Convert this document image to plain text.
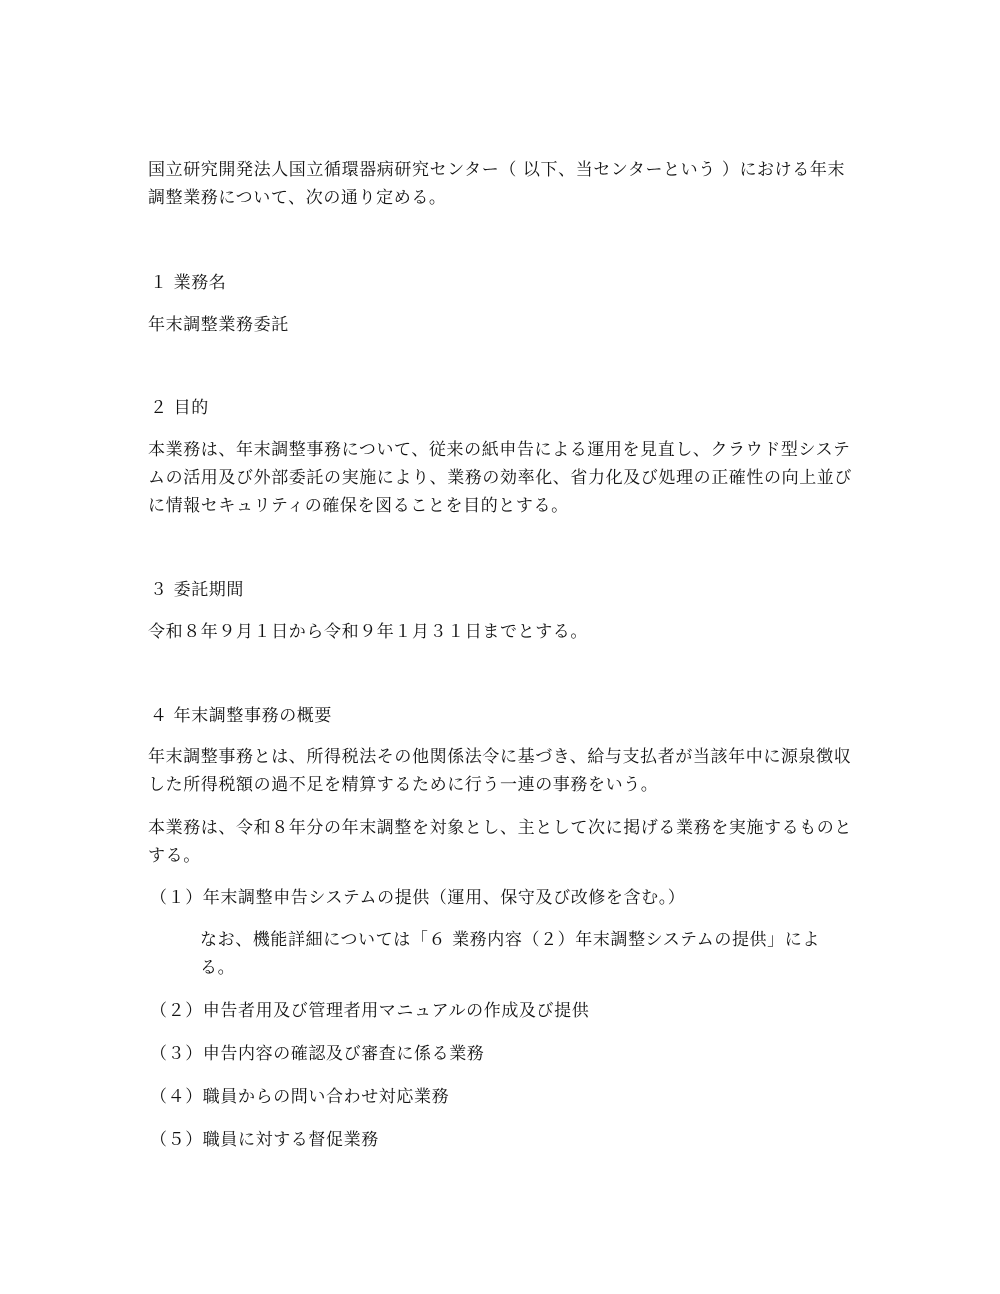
国立研究開発法人国立循環器病研究センター（ 以下、当センターという ）における年末調整業務について、次の通り定める。

１ 業務名

年末調整業務委託

２ 目的

本業務は、年末調整事務について、従来の紙申告による運用を見直し、クラウド型システムの活用及び外部委託の実施により、業務の効率化、省力化及び処理の正確性の向上並びに情報セキュリティの確保を図ることを目的とする。

３ 委託期間

令和８年９月１日から令和９年１月３１日までとする。

４ 年末調整事務の概要

年末調整事務とは、所得税法その他関係法令に基づき、給与支払者が当該年中に源泉徴収した所得税額の過不足を精算するために行う一連の事務をいう。

本業務は、令和８年分の年末調整を対象とし、主として次に掲げる業務を実施するものとする。

（１）年末調整申告システムの提供（運用、保守及び改修を含む。）

なお、機能詳細については「６ 業務内容（２）年末調整システムの提供」による。

（２）申告者用及び管理者用マニュアルの作成及び提供
（３）申告内容の確認及び審査に係る業務
（４）職員からの問い合わせ対応業務
（５）職員に対する督促業務
